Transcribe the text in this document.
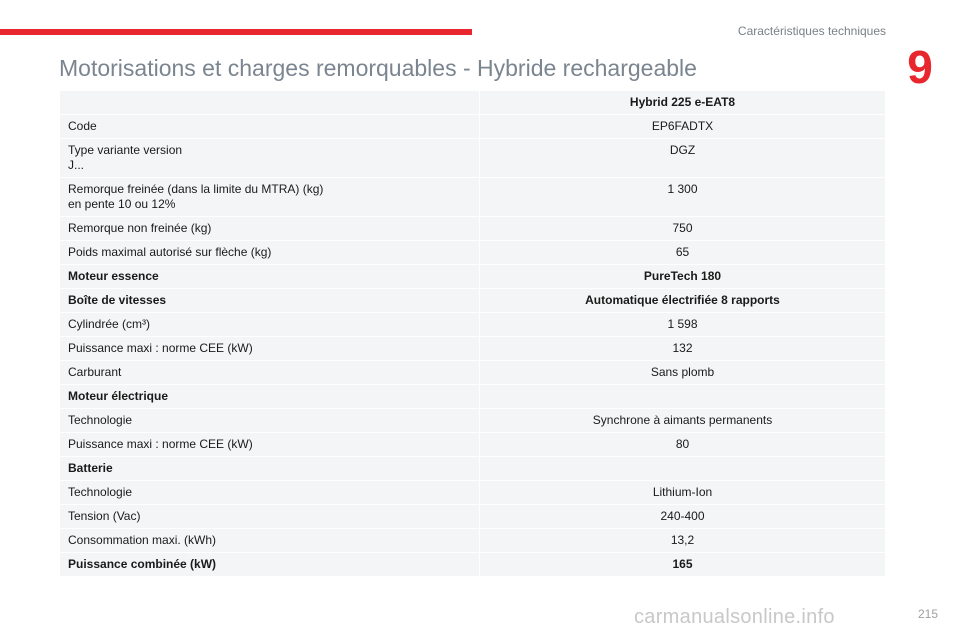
Caractéristiques techniques
9
Motorisations et charges remorquables - Hybride rechargeable
	Hybrid 225 e-EAT8
Code	EP6FADTX
Type variante version
J...	DGZ
Remorque freinée (dans la limite du MTRA) (kg)
en pente 10 ou 12%	1 300
Remorque non freinée (kg)	750
Poids maximal autorisé sur flèche (kg)	65
Moteur essence	PureTech 180
Boîte de vitesses	Automatique électrifiée 8 rapports
Cylindrée (cm³)	1 598
Puissance maxi : norme CEE (kW)	132
Carburant	Sans plomb
Moteur électrique	
Technologie	Synchrone à aimants permanents
Puissance maxi : norme CEE (kW)	80
Batterie	
Technologie	Lithium-Ion
Tension (Vac)	240-400
Consommation maxi. (kWh)	13,2
Puissance combinée (kW)	165
215
carmanualsonline.info
